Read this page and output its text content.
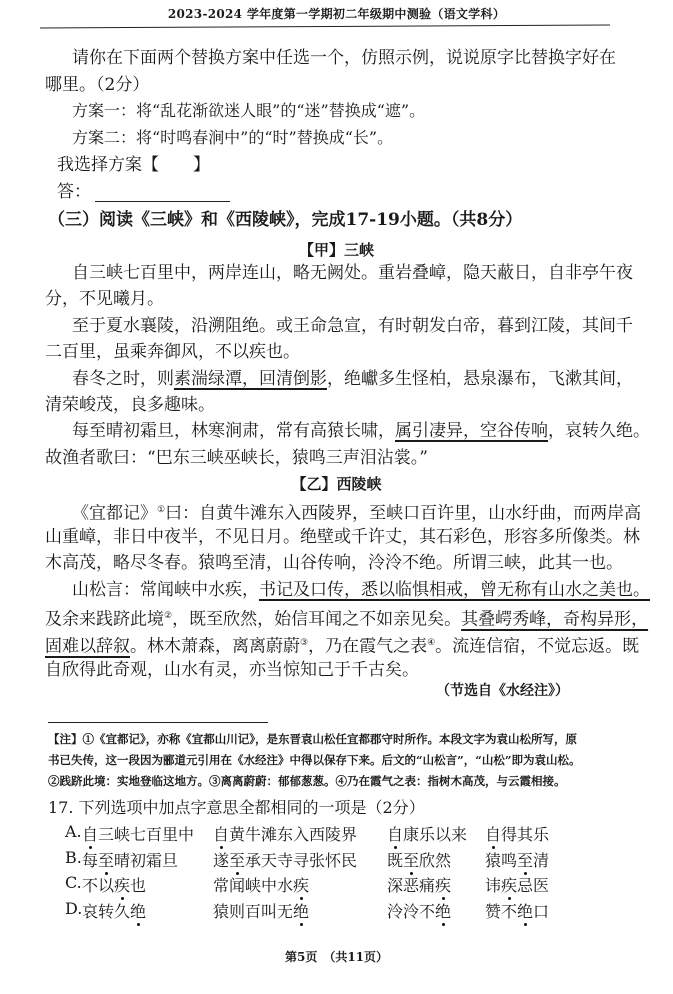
2023-2024 学年度第一学期初二年级期中测验（语文学科）
请你在下面两个替换方案中任选一个，仿照示例，说说原字比替换字好在
哪里。（2分）
方案一：将“乱花渐欲迷人眼”的“迷”替换成“遮”。
方案二：将“时鸣春涧中”的“时”替换成“长”。
我选择方案【　　】
答：
（三）阅读《三峡》和《西陵峡》，完成17-19小题。（共8分）
【甲】三峡
自三峡七百里中，两岸连山，略无阙处。重岩叠嶂，隐天蔽日，自非亭午夜
分，不见曦月。
至于夏水襄陵，沿溯阻绝。或王命急宣，有时朝发白帝，暮到江陵，其间千
二百里，虽乘奔御风，不以疾也。
春冬之时，则素湍绿潭，回清倒影，绝巘多生怪柏，悬泉瀑布，飞漱其间，
清荣峻茂，良多趣味。
每至晴初霜旦，林寒涧肃，常有高猿长啸，属引凄异，空谷传响，哀转久绝。
故渔者歌曰：“巴东三峡巫峡长，猿鸣三声泪沾裳。”
【乙】西陵峡
《宜都记》①曰：自黄牛滩东入西陵界，至峡口百许里，山水纡曲，而两岸高
山重嶂，非日中夜半，不见日月。绝壁或千许丈，其石彩色，形容多所像类。林
木高茂，略尽冬春。猿鸣至清，山谷传响，泠泠不绝。所谓三峡，此其一也。
山松言：常闻峡中水疾，书记及口传，悉以临惧相戒，曾无称有山水之美也。
及余来践跻此境②，既至欣然，始信耳闻之不如亲见矣。其叠崿秀峰，奇构异形，
固难以辞叙。林木萧森，离离蔚蔚③，乃在霞气之表④。流连信宿，不觉忘返。既
自欣得此奇观，山水有灵，亦当惊知己于千古矣。
（节选自《水经注》）
【注】①《宜都记》，亦称《宜都山川记》，是东晋袁山松任宜都郡守时所作。本段文字为袁山松所写，原
书已失传，这一段因为郦道元引用在《水经注》中得以保存下来。后文的“山松言”，“山松”即为袁山松。
②践跻此境：实地登临这地方。③离离蔚蔚：郁郁葱葱。④乃在霞气之表：指树木高茂，与云霞相接。
17. 下列选项中加点字意思全都相同的一项是（2分）
A. 自三峡七百里中 自黄牛滩东入西陵界 自康乐以来 自得其乐
B. 每至晴初霜旦 遂至承天寺寻张怀民 既至欣然 猿鸣至清
C. 不以疾也	常闻峡中水疾	深恶痛疾 讳疾忌医
D. 哀转久绝	猿则百叫无绝	泠泠不绝 赞不绝口
第5页　（共11页）
